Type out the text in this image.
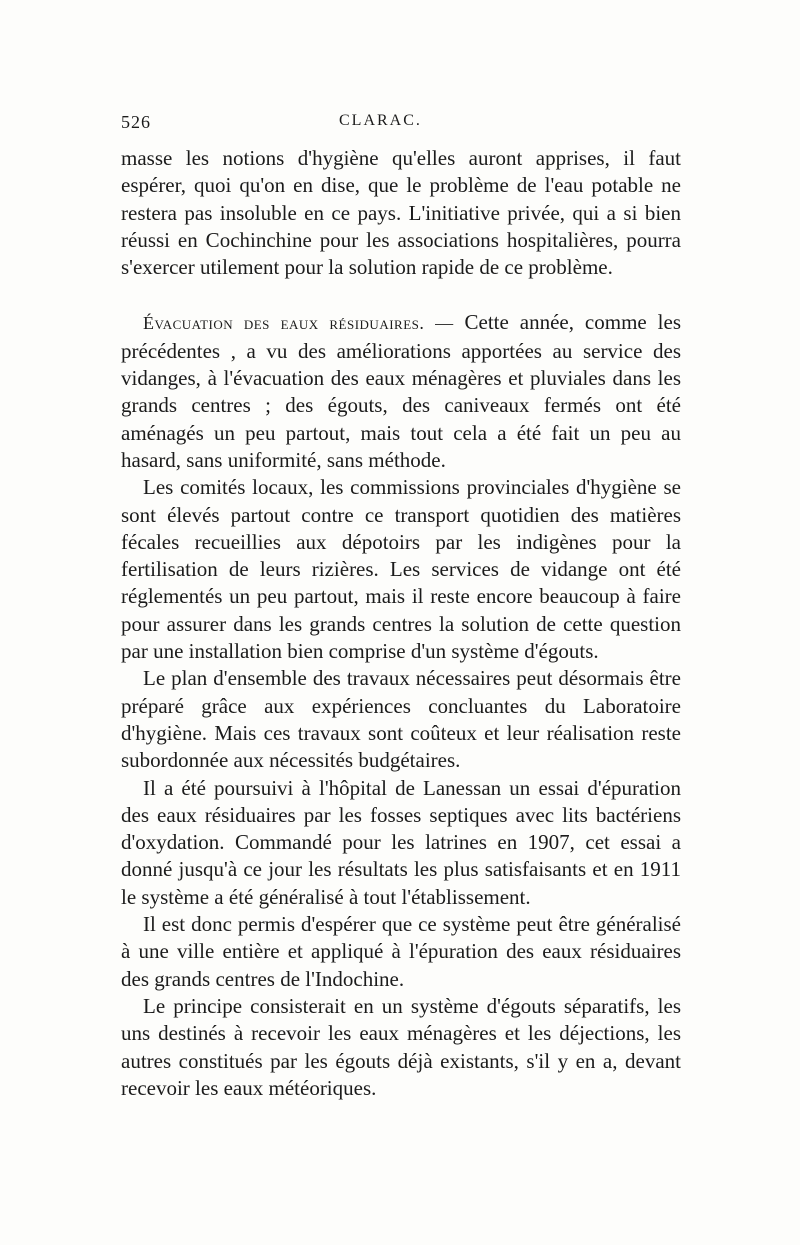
526	CLARAC.

masse les notions d'hygiène qu'elles auront apprises, il faut espérer, quoi qu'on en dise, que le problème de l'eau potable ne restera pas insoluble en ce pays. L'initiative privée, qui a si bien réussi en Cochinchine pour les associations hospitalières, pourra s'exercer utilement pour la solution rapide de ce problème.

Évacuation des eaux résiduaires. — Cette année, comme les précédentes , a vu des améliorations apportées au service des vidanges, à l'évacuation des eaux ménagères et pluviales dans les grands centres ; des égouts, des caniveaux fermés ont été aménagés un peu partout, mais tout cela a été fait un peu au hasard, sans uniformité, sans méthode.

Les comités locaux, les commissions provinciales d'hygiène se sont élevés partout contre ce transport quotidien des matières fécales recueillies aux dépotoirs par les indigènes pour la fertilisation de leurs rizières. Les services de vidange ont été réglementés un peu partout, mais il reste encore beaucoup à faire pour assurer dans les grands centres la solution de cette question par une installation bien comprise d'un système d'égouts.

Le plan d'ensemble des travaux nécessaires peut désormais être préparé grâce aux expériences concluantes du Laboratoire d'hygiène. Mais ces travaux sont coûteux et leur réalisation reste subordonnée aux nécessités budgétaires.

Il a été poursuivi à l'hôpital de Lanessan un essai d'épuration des eaux résiduaires par les fosses septiques avec lits bactériens d'oxydation. Commandé pour les latrines en 1907, cet essai a donné jusqu'à ce jour les résultats les plus satisfaisants et en 1911 le système a été généralisé à tout l'établissement.

Il est donc permis d'espérer que ce système peut être généralisé à une ville entière et appliqué à l'épuration des eaux résiduaires des grands centres de l'Indochine.

Le principe consisterait en un système d'égouts séparatifs, les uns destinés à recevoir les eaux ménagères et les déjections, les autres constitués par les égouts déjà existants, s'il y en a, devant recevoir les eaux météoriques.
